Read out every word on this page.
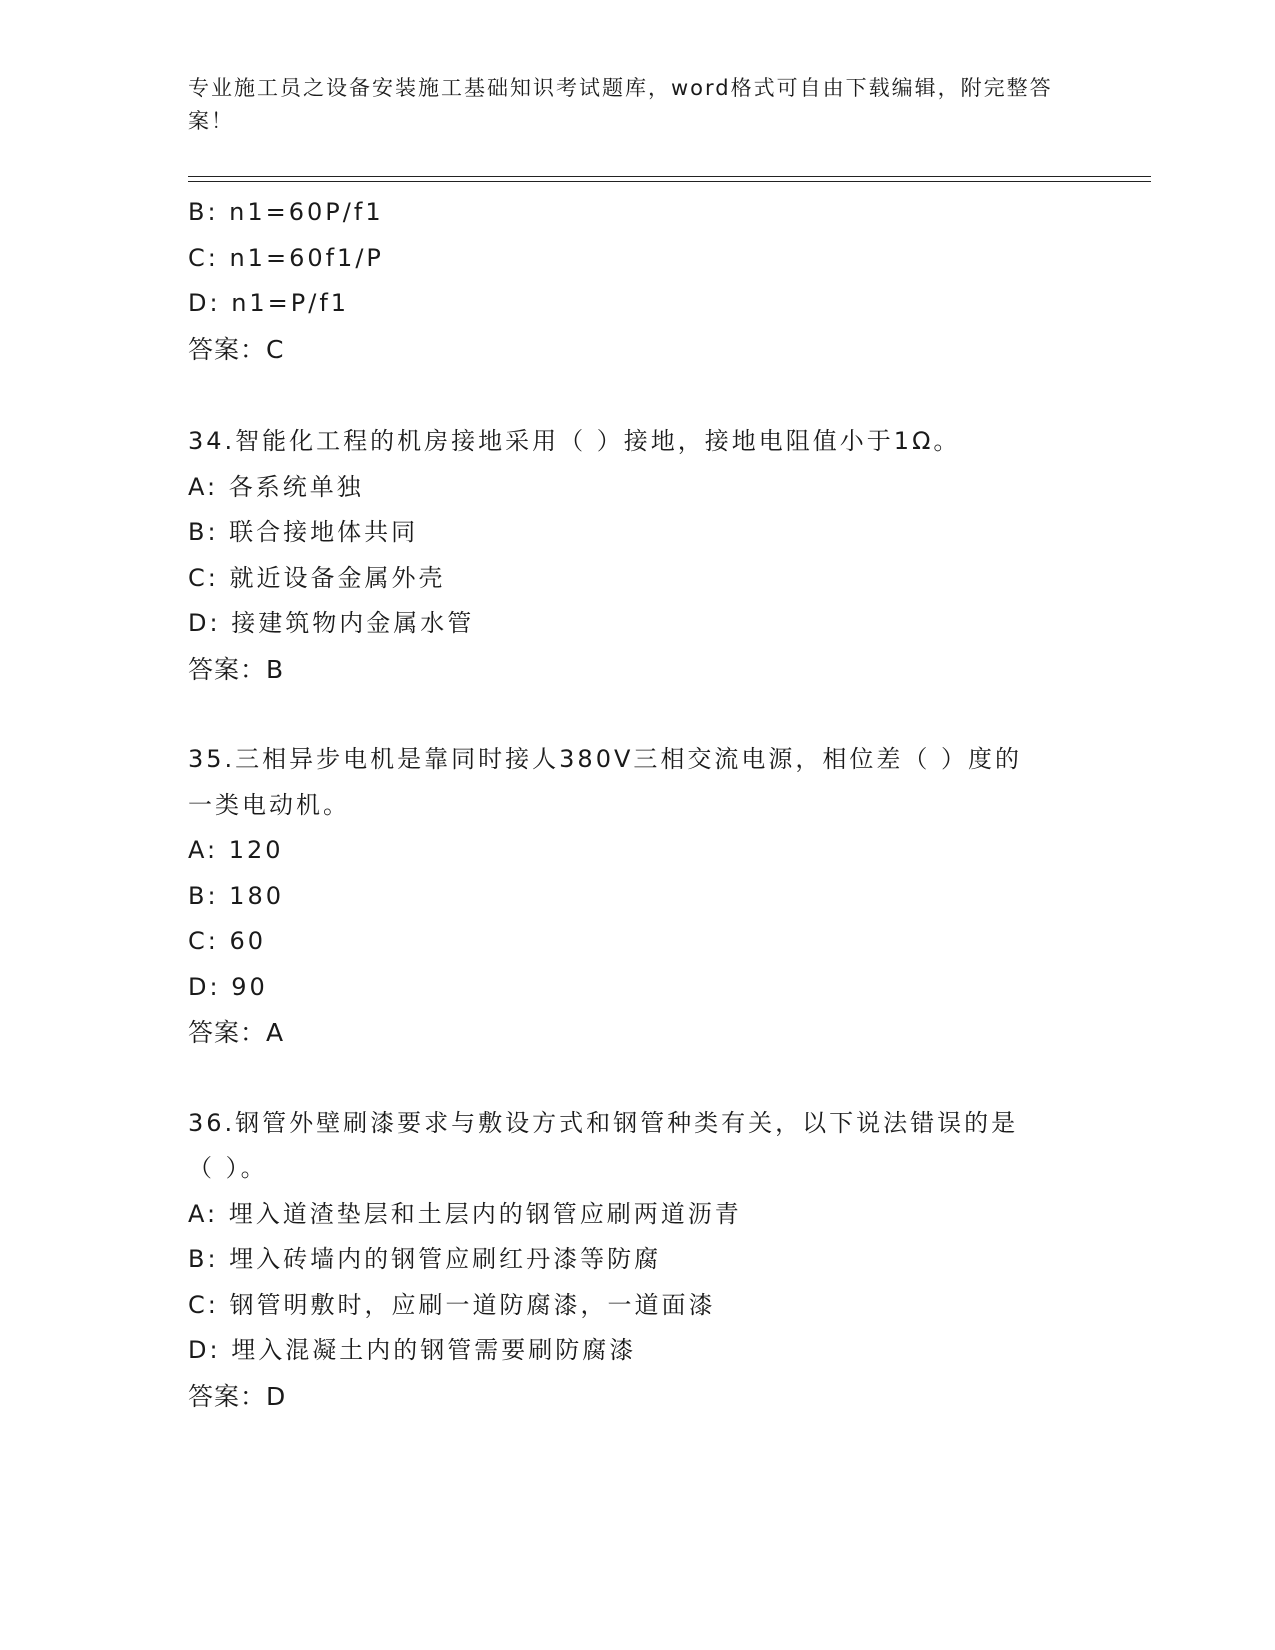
专业施工员之设备安装施工基础知识考试题库，word格式可自由下载编辑，附完整答案！
B: n1=60P/f1
C: n1=60f1/P
D: n1=P/f1
答案：C
34.智能化工程的机房接地采用（ ）接地，接地电阻值小于1Ω。
A: 各系统单独
B: 联合接地体共同
C: 就近设备金属外壳
D: 接建筑物内金属水管
答案：B
35.三相异步电机是靠同时接人380V三相交流电源，相位差（ ）度的
一类电动机。
A: 120
B: 180
C: 60
D: 90
答案：A
36.钢管外壁刷漆要求与敷设方式和钢管种类有关，以下说法错误的是
（ ）。
A: 埋入道渣垫层和土层内的钢管应刷两道沥青
B: 埋入砖墙内的钢管应刷红丹漆等防腐
C: 钢管明敷时，应刷一道防腐漆，一道面漆
D: 埋入混凝土内的钢管需要刷防腐漆
答案：D
